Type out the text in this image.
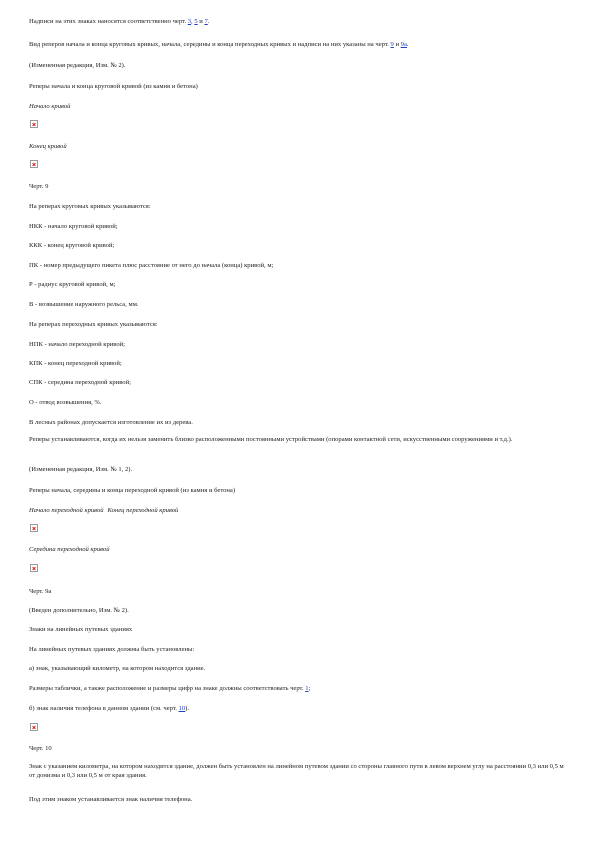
Надписи на этих знаках наносятся соответственно черт. 3, 5 и 7.
Вид реперов начала и конца круговых кривых, начала, середины и конца переходных кривых и надписи на них указаны на черт. 9 и 9а.
(Измененная редакция, Изм. № 2).
Реперы начала и конца круговой кривой (из камня и бетона)
Начало кривой
Конец кривой
Черт. 9
На реперах круговых кривых указываются:
НКК - начало круговой кривой;
ККК - конец круговой кривой;
ПК - номер предыдущего пикета плюс расстояние от него до начала (конца) кривой, м;
Р - радиус круговой кривой, м;
В - возвышение наружного рельса, мм.
На реперах переходных кривых указываются:
НПК - начало переходной кривой;
КПК - конец переходной кривой;
СПК - середина переходной кривой;
О - отвод возвышения, %.
В лесных районах допускается изготовление их из дерева.
Реперы устанавливаются, когда их нельзя заменить близко расположенными постоянными устройствами (опорами контактной сети, искусственными сооружениями и т.д.).
(Измененная редакция, Изм. № 1, 2).
Реперы начала, середины и конца переходной кривой (из камня и бетона)
Начало переходной кривой Конец переходной кривой
Середина переходной кривой
Черт. 9а
(Введен дополнительно, Изм. № 2).
Знаки на линейных путевых зданиях
На линейных путевых зданиях должны быть установлены:
а) знак, указывающий километр, на котором находится здание.
Размеры таблички, а также расположение и размеры цифр на знаке должны соответствовать черт. 1;
б) знак наличия телефона в данном здании (см. черт. 10).
Черт. 10
Знак с указанием километра, на котором находится здание, должен быть установлен на линейном путевом здании со стороны главного пути в левом верхнем углу на расстоянии 0,3 или 0,5 м от донизма и 0,3 или 0,5 м от края здания.
Под этим знаком устанавливается знак наличия телефона.
